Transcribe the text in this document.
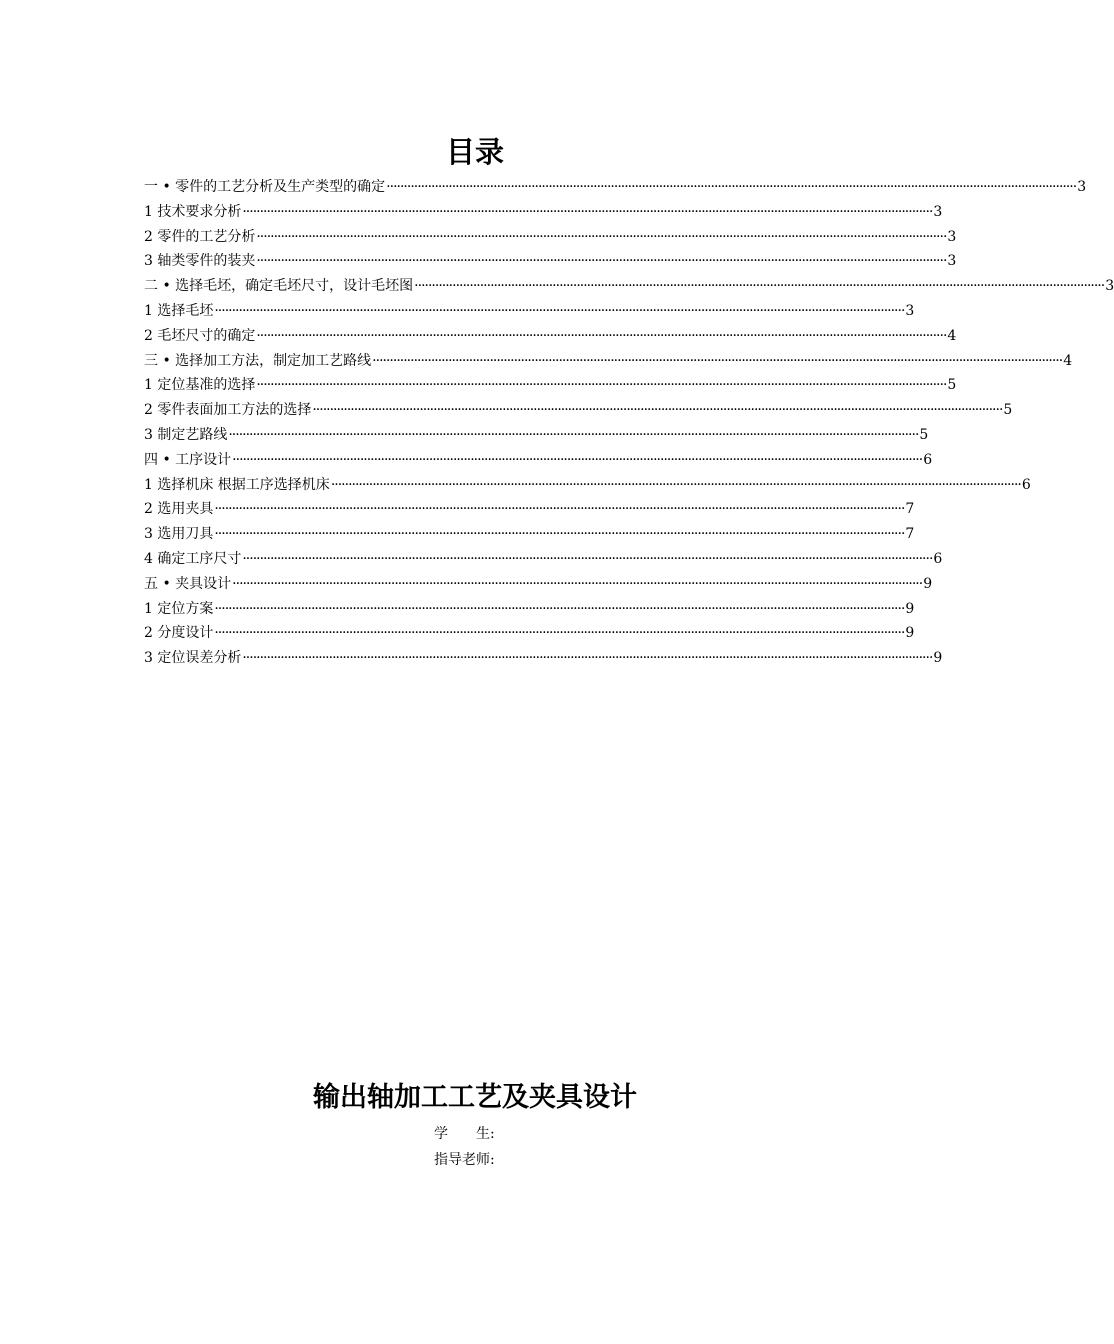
目录
一 • 零件的工艺分析及生产类型的确定 ········································································································································································································ 3
1 技术要求分析 ········································································································································································································ 3
2 零件的工艺分析 ········································································································································································································ 3
3 轴类零件的装夹 ········································································································································································································ 3
二 • 选择毛坯，确定毛坯尺寸，设计毛坯图 ········································································································································································································ 3
1 选择毛坯 ········································································································································································································ 3
2 毛坯尺寸的确定 ········································································································································································································ 4
三 • 选择加工方法，制定加工艺路线 ········································································································································································································ 4
1 定位基准的选择 ········································································································································································································ 5
2 零件表面加工方法的选择 ········································································································································································································ 5
3 制定艺路线 ········································································································································································································ 5
四 • 工序设计 ········································································································································································································ 6
1 选择机床 根据工序选择机床 ········································································································································································································ 6
2 选用夹具 ········································································································································································································ 7
3 选用刀具 ········································································································································································································ 7
4 确定工序尺寸 ········································································································································································································ 6
五 • 夹具设计 ········································································································································································································ 9
1 定位方案 ········································································································································································································ 9
2 分度设计 ········································································································································································································ 9
3 定位误差分析 ········································································································································································································ 9
输出轴加工工艺及夹具设计
学　　生:
指导老师:
